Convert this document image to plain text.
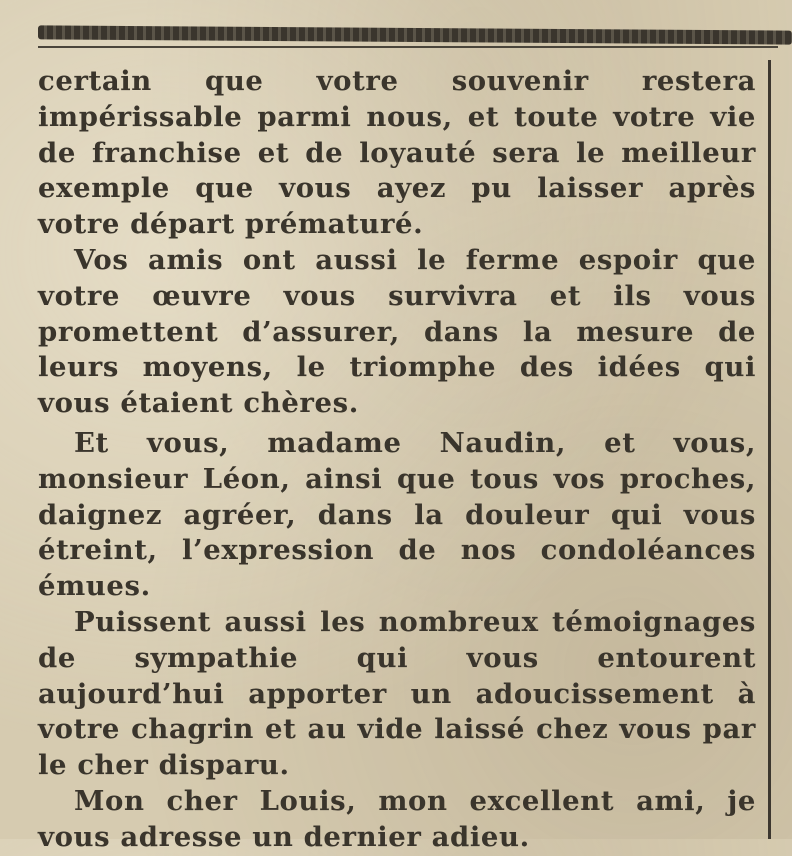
certain que votre souvenir restera impérissable parmi nous, et toute votre vie de franchise et de loyauté sera le meilleur exemple que vous ayez pu laisser après votre départ prématuré.

Vos amis ont aussi le ferme espoir que votre œuvre vous survivra et ils vous promettent d’assurer, dans la mesure de leurs moyens, le triomphe des idées qui vous étaient chères.

Et vous, madame Naudin, et vous, monsieur Léon, ainsi que tous vos proches, daignez agréer, dans la douleur qui vous étreint, l’expression de nos condoléances émues.

Puissent aussi les nombreux témoignages de sympathie qui vous entourent aujourd’hui apporter un adoucissement à votre chagrin et au vide laissé chez vous par le cher disparu.

Mon cher Louis, mon excellent ami, je vous adresse un dernier adieu.
